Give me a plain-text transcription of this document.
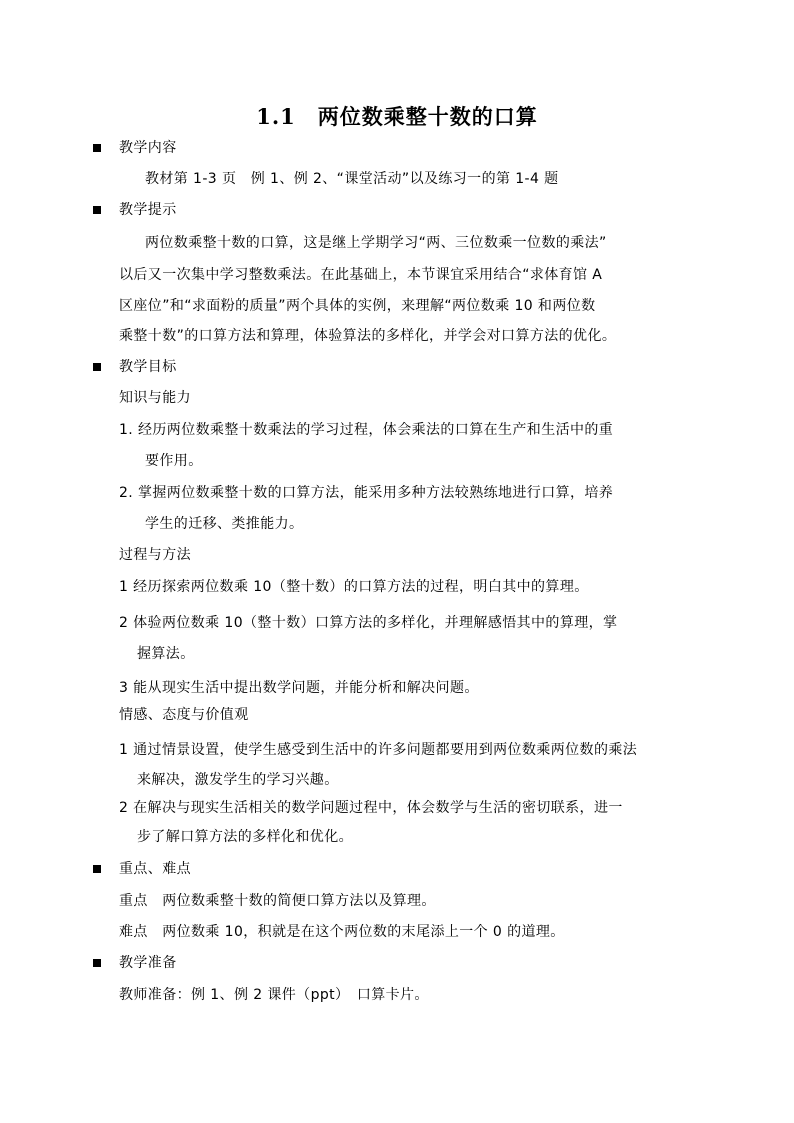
1.1　两位数乘整十数的口算
教学内容
教材第 1-3 页　例 1、例 2、“课堂活动”以及练习一的第 1-4 题
教学提示
两位数乘整十数的口算，这是继上学期学习“两、三位数乘一位数的乘法”
以后又一次集中学习整数乘法。在此基础上，本节课宜采用结合“求体育馆 A
区座位”和“求面粉的质量”两个具体的实例，来理解“两位数乘 10 和两位数
乘整十数”的口算方法和算理，体验算法的多样化，并学会对口算方法的优化。
教学目标
知识与能力
1. 经历两位数乘整十数乘法的学习过程，体会乘法的口算在生产和生活中的重
要作用。
2. 掌握两位数乘整十数的口算方法，能采用多种方法较熟练地进行口算，培养
学生的迁移、类推能力。
过程与方法
1 经历探索两位数乘 10（整十数）的口算方法的过程，明白其中的算理。
2 体验两位数乘 10（整十数）口算方法的多样化，并理解感悟其中的算理，掌
握算法。
3 能从现实生活中提出数学问题，并能分析和解决问题。
情感、态度与价值观
1 通过情景设置，使学生感受到生活中的许多问题都要用到两位数乘两位数的乘法
来解决，激发学生的学习兴趣。
2 在解决与现实生活相关的数学问题过程中，体会数学与生活的密切联系，进一
步了解口算方法的多样化和优化。
重点、难点
重点　两位数乘整十数的简便口算方法以及算理。
难点　两位数乘 10，积就是在这个两位数的末尾添上一个 0 的道理。
教学准备
教师准备：例 1、例 2 课件（ppt）　口算卡片。
